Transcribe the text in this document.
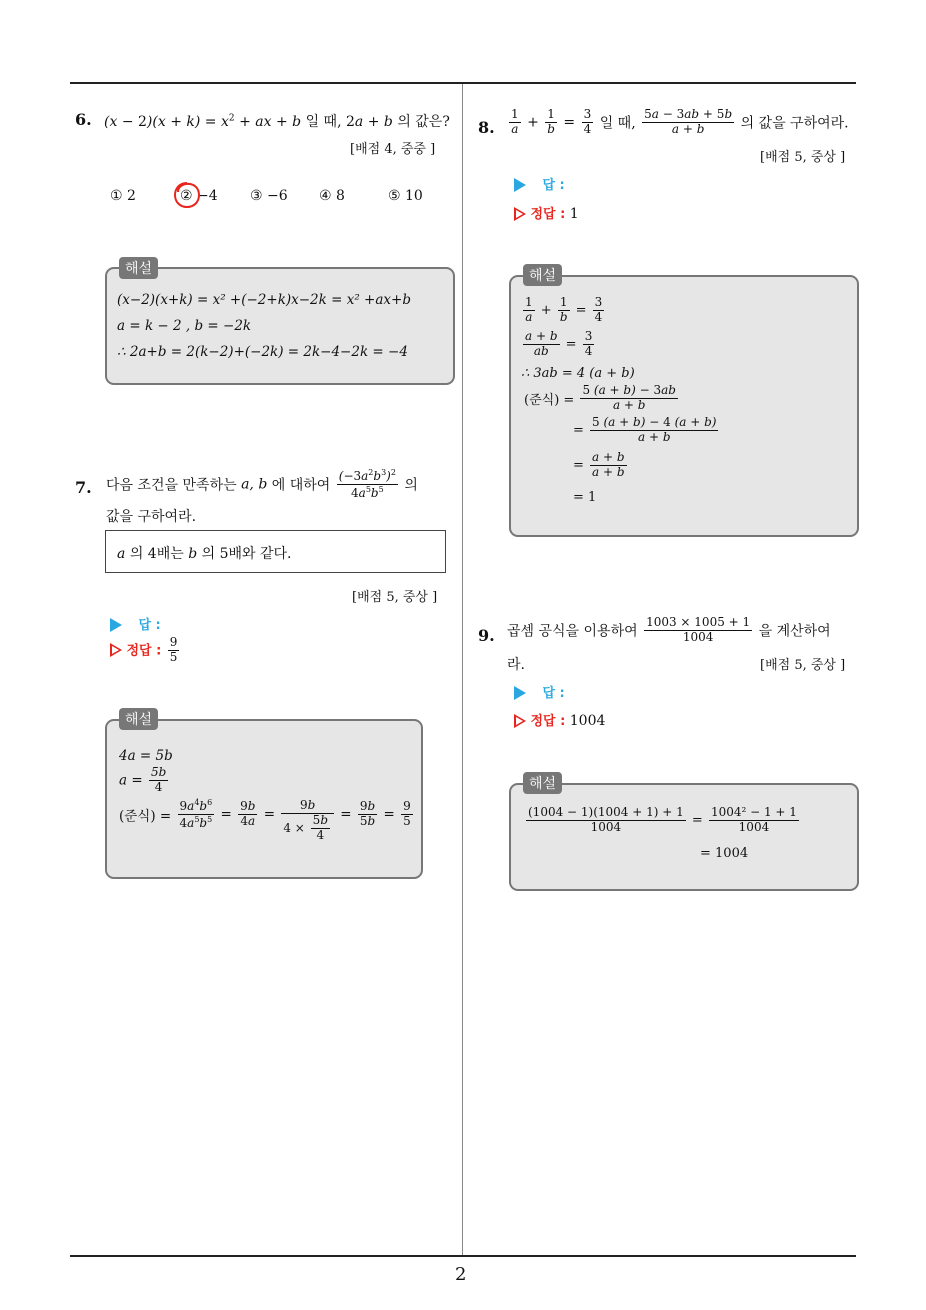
2
6. $(x - 2)(x + k) = x^2$ + ax + b 일 때, 2a + b 의 값은?
[배점 4, 중중 ]
① 2	② −4 ③ −6 ④ 8	⑤ 10
해설
(x−2)(x+k) = x² +(−2+k)x−2k = x² +ax+b
a = k − 2 , b = −2k
∴ 2a+b = 2(k−2)+(−2k) = 2k−4−2k = −4
7. 다음 조건을 만족하는 a, b 에 대하여 $\frac{(-3a^2b^3)^2}{4a^5b^5}$ 의
값을 구하여라.
a 의 4배는 b 의 5배와 같다.
[배점 5, 중상 ]
답 :
정답 : $\frac{9}{5}$
해설
4a = 5b
$a = \frac{5b}{4}$
(준식) = $\frac{9a^4b^6}{4a^5b^5} = \frac{9b}{4a} = \frac{9b}{4 \times \frac{5b}{4}} = \frac{9b}{5b} = \frac{9}{5}$
8. $\frac{1}{a} + \frac{1}{b} = \frac{3}{4}$ 일 때, $\frac{5a - 3ab + 5b}{a + b}$ 의 값을 구하여라.
[배점 5, 중상 ]
답 :
정답 : 1
해설
$\frac{1}{a} + \frac{1}{b} = \frac{3}{4}$
$\frac{a + b}{ab} = \frac{3}{4}$
∴ 3ab = 4 (a + b)
(준식) = $\frac{5 (a + b) - 3ab}{a + b}$
= $\frac{5 (a + b) - 4 (a + b)}{a + b}$
= $\frac{a + b}{a + b}$
= 1
9. 곱셈 공식을 이용하여 $\frac{1003 \times 1005 + 1}{1004}$ 을 계산하여
라.	[배점 5, 중상 ]
답 :
정답 : 1004
해설
$\frac{(1004 - 1)(1004 + 1) + 1}{1004} = \frac{\text{1004² − 1 + 1}}{1004}$
= 1004
